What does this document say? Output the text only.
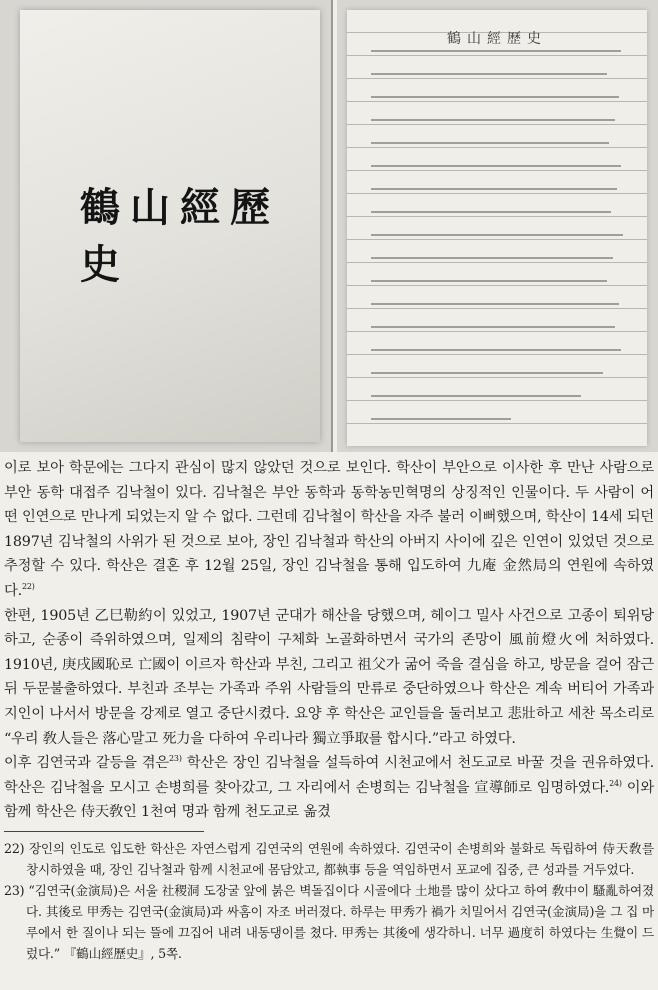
鶴山經歷史
鶴山經歷史

이로 보아 학문에는 그다지 관심이 많지 않았던 것으로 보인다. 학산이 부안으로 이사한 후 만난 사람으로 부안 동학 대접주 김낙철이 있다. 김낙철은 부안 동학과 동학농민혁명의 상징적인 인물이다. 두 사람이 어떤 인연으로 만나게 되었는지 알 수 없다. 그런데 김낙철이 학산을 자주 불러 이뻐했으며, 학산이 14세 되던 1897년 김낙철의 사위가 된 것으로 보아, 장인 김낙철과 학산의 아버지 사이에 깊은 인연이 있었던 것으로 추정할 수 있다. 학산은 결혼 후 12월 25일, 장인 김낙철을 통해 입도하여 九庵 金然局의 연원에 속하였다.$^{22)}$

한편, 1905년 乙巳勒約이 있었고, 1907년 군대가 해산을 당했으며, 헤이그 밀사 사건으로 고종이 퇴위당하고, 순종이 즉위하였으며, 일제의 침략이 구체화 노골화하면서 국가의 존망이 風前燈火에 처하였다. 1910년, 庚戌國恥로 亡國이 이르자 학산과 부친, 그리고 祖父가 굶어 죽을 결심을 하고, 방문을 걸어 잠근 뒤 두문불출하였다. 부친과 조부는 가족과 주위 사람들의 만류로 중단하였으나 학산은 계속 버티어 가족과 지인이 나서서 방문을 강제로 열고 중단시켰다. 요양 후 학산은 교인들을 둘러보고 悲壯하고 세찬 목소리로 “우리 敎人들은 落心말고 死力을 다하여 우리나라 獨立爭取를 합시다.”라고 하였다.

이후 김연국과 갈등을 겪은$^{23)}$ 학산은 장인 김낙철을 설득하여 시천교에서 천도교로 바꿀 것을 권유하였다. 학산은 김낙철을 모시고 손병희를 찾아갔고, 그 자리에서 손병희는 김낙철을 宣導師로 임명하였다.$^{24)}$ 이와 함께 학산은 侍天敎인 1천여 명과 함께 천도교로 옮겼

22) 장인의 인도로 입도한 학산은 자연스럽게 김연국의 연원에 속하였다. 김연국이 손병희와 불화로 독립하여 侍天敎를 창시하였을 때, 장인 김낙철과 함께 시천교에 몸담았고, 都執事 등을 역임하면서 포교에 집중, 큰 성과를 거두었다.

23) “김연국(金演局)은 서울 社稷洞 도장굴 앞에 붉은 벽돌집이다 시골에다 土地를 많이 샀다고 하여 敎中이 騷亂하여졌다. 其後로 甲秀는 김연국(金演局)과 싸홈이 자조 버러졌다. 하루는 甲秀가 禍가 치밀어서 김연국(金演局)을 그 집 마루에서 한 질이나 되는 뜰에 끄집어 내려 내동댕이를 쳤다. 甲秀는 其後에 생각하니. 너무 過度히 하였다는 生覺이 드렀다.” 『鶴山經歷史』, 5쪽.
